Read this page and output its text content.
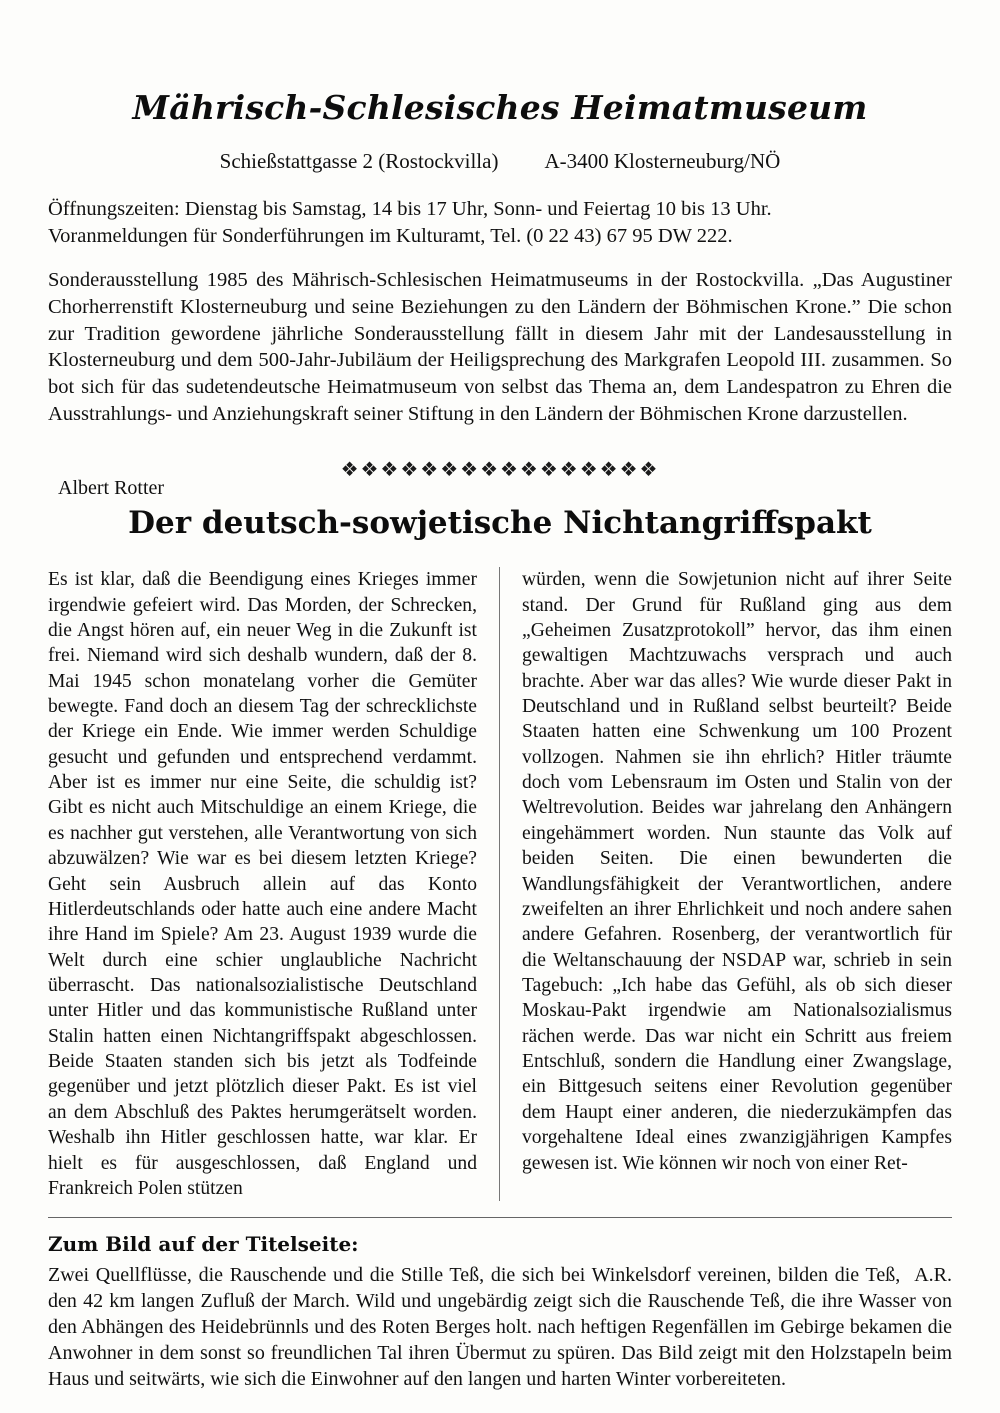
Mährisch-Schlesisches Heimatmuseum
Schießstattgasse 2 (Rostockvilla) A-3400 Klosterneuburg/NÖ
Öffnungszeiten: Dienstag bis Samstag, 14 bis 17 Uhr, Sonn- und Feiertag 10 bis 13 Uhr.
Voranmeldungen für Sonderführungen im Kulturamt, Tel. (0 22 43) 67 95 DW 222.
Sonderausstellung 1985 des Mährisch-Schlesischen Heimatmuseums in der Rostockvilla. „Das Augustiner Chorherrenstift Klosterneuburg und seine Beziehungen zu den Ländern der Böhmischen Krone.” Die schon zur Tradition gewordene jährliche Sonderausstellung fällt in diesem Jahr mit der Landesausstellung in Klosterneuburg und dem 500-Jahr-Jubiläum der Heiligsprechung des Markgrafen Leopold III. zusammen. So bot sich für das sudetendeutsche Heimatmuseum von selbst das Thema an, dem Landespatron zu Ehren die Ausstrahlungs- und Anziehungskraft seiner Stiftung in den Ländern der Böhmischen Krone darzustellen.
❖❖❖❖❖❖❖❖❖❖❖❖❖❖❖❖
Albert Rotter
Der deutsch-sowjetische Nichtangriffspakt

Es ist klar, daß die Beendigung eines Krieges immer irgendwie gefeiert wird. Das Morden, der Schrecken, die Angst hören auf, ein neuer Weg in die Zukunft ist frei. Niemand wird sich deshalb wundern, daß der 8. Mai 1945 schon monatelang vorher die Gemüter bewegte. Fand doch an diesem Tag der schrecklichste der Kriege ein Ende. Wie immer werden Schuldige gesucht und gefunden und entsprechend verdammt. Aber ist es immer nur eine Seite, die schuldig ist? Gibt es nicht auch Mitschuldige an einem Kriege, die es nachher gut verstehen, alle Verantwortung von sich abzuwälzen? Wie war es bei diesem letzten Kriege? Geht sein Ausbruch allein auf das Konto Hitlerdeutschlands oder hatte auch eine andere Macht ihre Hand im Spiele? Am 23. August 1939 wurde die Welt durch eine schier unglaubliche Nachricht überrascht. Das nationalsozialistische Deutschland unter Hitler und das kommunistische Rußland unter Stalin hatten einen Nichtangriffspakt abgeschlossen. Beide Staaten standen sich bis jetzt als Todfeinde gegenüber und jetzt plötzlich dieser Pakt. Es ist viel an dem Abschluß des Paktes herumgerätselt worden. Weshalb ihn Hitler geschlossen hatte, war klar. Er hielt es für ausgeschlossen, daß England und Frankreich Polen stützen

würden, wenn die Sowjetunion nicht auf ihrer Seite stand. Der Grund für Rußland ging aus dem „Geheimen Zusatzprotokoll” hervor, das ihm einen gewaltigen Machtzuwachs versprach und auch brachte. Aber war das alles? Wie wurde dieser Pakt in Deutschland und in Rußland selbst beurteilt? Beide Staaten hatten eine Schwenkung um 100 Prozent vollzogen. Nahmen sie ihn ehrlich? Hitler träumte doch vom Lebensraum im Osten und Stalin von der Weltrevolution. Beides war jahrelang den Anhängern eingehämmert worden. Nun staunte das Volk auf beiden Seiten. Die einen bewunderten die Wandlungsfähigkeit der Verantwortlichen, andere zweifelten an ihrer Ehrlichkeit und noch andere sahen andere Gefahren. Rosenberg, der verantwortlich für die Weltanschauung der NSDAP war, schrieb in sein Tagebuch: „Ich habe das Gefühl, als ob sich dieser Moskau-Pakt irgendwie am Nationalsozialismus rächen werde. Das war nicht ein Schritt aus freiem Entschluß, sondern die Handlung einer Zwangslage, ein Bittgesuch seitens einer Revolution gegenüber dem Haupt einer anderen, die niederzukämpfen das vorgehaltene Ideal eines zwanzigjährigen Kampfes gewesen ist. Wie können wir noch von einer Ret-

Zum Bild auf der Titelseite:
A.R.
Zwei Quellflüsse, die Rauschende und die Stille Teß, die sich bei Winkelsdorf vereinen, bilden die Teß, den 42 km langen Zufluß der March. Wild und ungebärdig zeigt sich die Rauschende Teß, die ihre Wasser von den Abhängen des Heidebrünnls und des Roten Berges holt. nach heftigen Regenfällen im Gebirge bekamen die Anwohner in dem sonst so freundlichen Tal ihren Übermut zu spüren. Das Bild zeigt mit den Holzstapeln beim Haus und seitwärts, wie sich die Einwohner auf den langen und harten Winter vorbereiteten.
